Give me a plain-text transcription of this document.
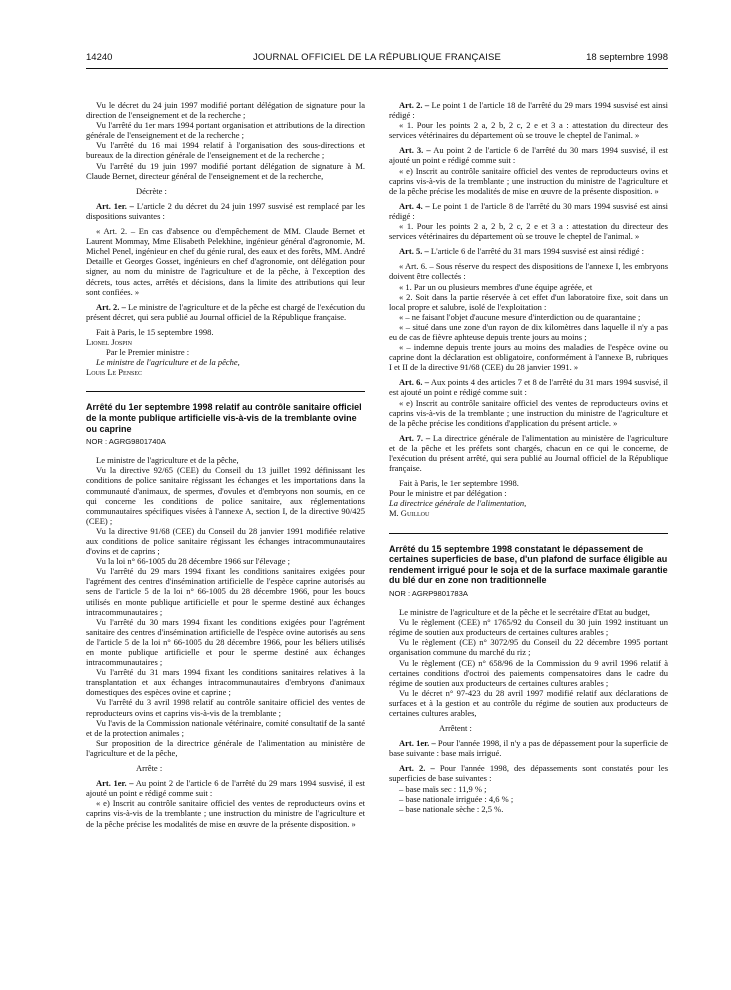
14240	JOURNAL OFFICIEL DE LA RÉPUBLIQUE FRANÇAISE	18 septembre 1998

Vu le décret du 24 juin 1997 modifié portant délégation de signature pour la direction de l'enseignement et de la recherche ;

Vu l'arrêté du 1er mars 1994 portant organisation et attributions de la direction générale de l'enseignement et de la recherche ;

Vu l'arrêté du 16 mai 1994 relatif à l'organisation des sous-directions et bureaux de la direction générale de l'enseignement et de la recherche ;

Vu l'arrêté du 19 juin 1997 modifié portant délégation de signature à M. Claude Bernet, directeur général de l'enseignement et de la recherche,

Décrète :

Art. 1er. – L'article 2 du décret du 24 juin 1997 susvisé est remplacé par les dispositions suivantes :

« Art. 2. – En cas d'absence ou d'empêchement de MM. Claude Bernet et Laurent Mommay, Mme Elisabeth Pelekhine, ingénieur général d'agronomie, M. Michel Penel, ingénieur en chef du génie rural, des eaux et des forêts, MM. André Detaille et Georges Gosset, ingénieurs en chef d'agronomie, ont délégation pour signer, au nom du ministre de l'agriculture et de la pêche, à l'exception des décrets, tous actes, arrêtés et décisions, dans la limite des attributions qui leur sont confiées. »

Art. 2. – Le ministre de l'agriculture et de la pêche est chargé de l'exécution du présent décret, qui sera publié au Journal officiel de la République française.

Fait à Paris, le 15 septembre 1998.

Lionel Jospin

Par le Premier ministre :

Le ministre de l'agriculture et de la pêche,

Louis Le Pensec

Arrêté du 1er septembre 1998 relatif au contrôle sanitaire officiel de la monte publique artificielle vis-à-vis de la tremblante ovine ou caprine

NOR : AGRG9801740A

Le ministre de l'agriculture et de la pêche,

Vu la directive 92/65 (CEE) du Conseil du 13 juillet 1992 définissant les conditions de police sanitaire régissant les échanges et les importations dans la communauté d'animaux, de spermes, d'ovules et d'embryons non soumis, en ce qui concerne les conditions de police sanitaire, aux réglementations communautaires spécifiques visées à l'annexe A, section I, de la directive 90/425 (CEE) ;

Vu la directive 91/68 (CEE) du Conseil du 28 janvier 1991 modifiée relative aux conditions de police sanitaire régissant les échanges intracommunautaires d'ovins et de caprins ;

Vu la loi n° 66-1005 du 28 décembre 1966 sur l'élevage ;

Vu l'arrêté du 29 mars 1994 fixant les conditions sanitaires exigées pour l'agrément des centres d'insémination artificielle de l'espèce caprine autorisés au sens de l'article 5 de la loi n° 66-1005 du 28 décembre 1966, pour les boucs utilisés en monte publique artificielle et pour le sperme destiné aux échanges intracommunautaires ;

Vu l'arrêté du 30 mars 1994 fixant les conditions exigées pour l'agrément sanitaire des centres d'insémination artificielle de l'espèce ovine autorisés au sens de l'article 5 de la loi n° 66-1005 du 28 décembre 1966, pour les béliers utilisés en monte publique artificielle et pour le sperme destiné aux échanges intracommunautaires ;

Vu l'arrêté du 31 mars 1994 fixant les conditions sanitaires relatives à la transplantation et aux échanges intracommunautaires d'embryons d'animaux domestiques des espèces ovine et caprine ;

Vu l'arrêté du 3 avril 1998 relatif au contrôle sanitaire officiel des ventes de reproducteurs ovins et caprins vis-à-vis de la tremblante ;

Vu l'avis de la Commission nationale vétérinaire, comité consultatif de la santé et de la protection animales ;

Sur proposition de la directrice générale de l'alimentation au ministère de l'agriculture et de la pêche,

Arrête :

Art. 1er. – Au point 2 de l'article 6 de l'arrêté du 29 mars 1994 susvisé, il est ajouté un point e rédigé comme suit :

« e) Inscrit au contrôle sanitaire officiel des ventes de reproducteurs ovins et caprins vis-à-vis de la tremblante ; une instruction du ministre de l'agriculture et de la pêche précise les modalités de mise en œuvre de la présente disposition. »

Art. 2. – Le point 1 de l'article 18 de l'arrêté du 29 mars 1994 susvisé est ainsi rédigé :

« 1. Pour les points 2 a, 2 b, 2 c, 2 e et 3 a : attestation du directeur des services vétérinaires du département où se trouve le cheptel de l'animal. »

Art. 3. – Au point 2 de l'article 6 de l'arrêté du 30 mars 1994 susvisé, il est ajouté un point e rédigé comme suit :

« e) Inscrit au contrôle sanitaire officiel des ventes de reproducteurs ovins et caprins vis-à-vis de la tremblante ; une instruction du ministre de l'agriculture et de la pêche précise les modalités de mise en œuvre de la présente disposition. »

Art. 4. – Le point 1 de l'article 8 de l'arrêté du 30 mars 1994 susvisé est ainsi rédigé :

« 1. Pour les points 2 a, 2 b, 2 c, 2 e et 3 a : attestation du directeur des services vétérinaires du département où se trouve le cheptel de l'animal. »

Art. 5. – L'article 6 de l'arrêté du 31 mars 1994 susvisé est ainsi rédigé :

« Art. 6. – Sous réserve du respect des dispositions de l'annexe I, les embryons doivent être collectés :

« 1. Par un ou plusieurs membres d'une équipe agréée, et

« 2. Soit dans la partie réservée à cet effet d'un laboratoire fixe, soit dans un local propre et salubre, isolé de l'exploitation :

« – ne faisant l'objet d'aucune mesure d'interdiction ou de quarantaine ;

« – situé dans une zone d'un rayon de dix kilomètres dans laquelle il n'y a pas eu de cas de fièvre aphteuse depuis trente jours au moins ;

« – indemne depuis trente jours au moins des maladies de l'espèce ovine ou caprine dont la déclaration est obligatoire, conformément à l'annexe B, rubriques I et II de la directive 91/68 (CEE) du 28 janvier 1991. »

Art. 6. – Aux points 4 des articles 7 et 8 de l'arrêté du 31 mars 1994 susvisé, il est ajouté un point e rédigé comme suit :

« e) Inscrit au contrôle sanitaire officiel des ventes de reproducteurs ovins et caprins vis-à-vis de la tremblante ; une instruction du ministre de l'agriculture et de la pêche précise les conditions d'application du présent article. »

Art. 7. – La directrice générale de l'alimentation au ministère de l'agriculture et de la pêche et les préfets sont chargés, chacun en ce qui le concerne, de l'exécution du présent arrêté, qui sera publié au Journal officiel de la République française.

Fait à Paris, le 1er septembre 1998.

Pour le ministre et par délégation :

La directrice générale de l'alimentation,

M. Guillou

Arrêté du 15 septembre 1998 constatant le dépassement de certaines superficies de base, d'un plafond de surface éligible au rendement irrigué pour le soja et de la surface maximale garantie du blé dur en zone non traditionnelle

NOR : AGRP9801783A

Le ministre de l'agriculture et de la pêche et le secrétaire d'Etat au budget,

Vu le règlement (CEE) n° 1765/92 du Conseil du 30 juin 1992 instituant un régime de soutien aux producteurs de certaines cultures arables ;

Vu le règlement (CE) n° 3072/95 du Conseil du 22 décembre 1995 portant organisation commune du marché du riz ;

Vu le règlement (CE) n° 658/96 de la Commission du 9 avril 1996 relatif à certaines conditions d'octroi des paiements compensatoires dans le cadre du régime de soutien aux producteurs de certaines cultures arables ;

Vu le décret n° 97-423 du 28 avril 1997 modifié relatif aux déclarations de surfaces et à la gestion et au contrôle du régime de soutien aux producteurs de certaines cultures arables,

Arrêtent :

Art. 1er. – Pour l'année 1998, il n'y a pas de dépassement pour la superficie de base suivante : base maïs irrigué.

Art. 2. – Pour l'année 1998, des dépassements sont constatés pour les superficies de base suivantes :

– base maïs sec : 11,9 % ;

– base nationale irriguée : 4,6 % ;

– base nationale sèche : 2,5 %.
